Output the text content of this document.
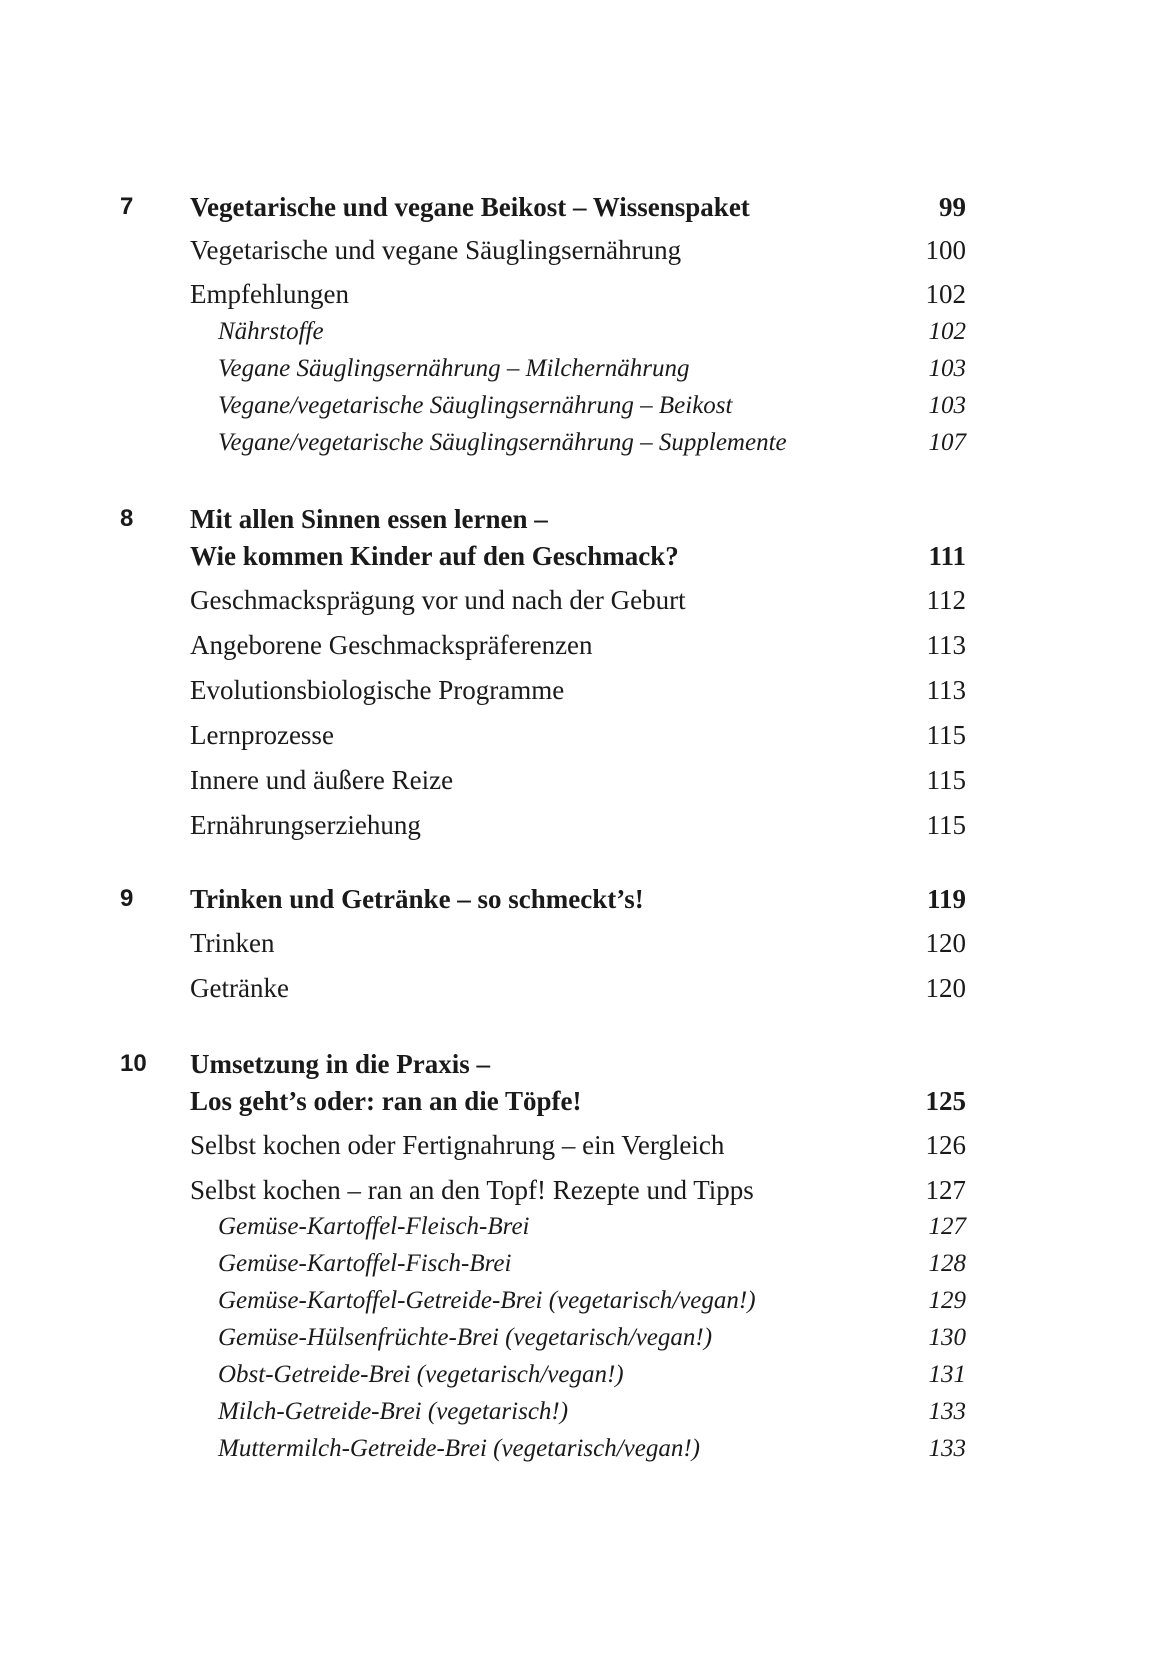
7	Vegetarische und vegane Beikost – Wissenspaket	99
Vegetarische und vegane Säuglingsernährung	100
Empfehlungen	102
Nährstoffe	102
Vegane Säuglingsernährung – Milchernährung	103
Vegane/vegetarische Säuglingsernährung – Beikost	103
Vegane/vegetarische Säuglingsernährung – Supplemente	107
8	Mit allen Sinnen essen lernen –
Wie kommen Kinder auf den Geschmack?	111
Geschmacksprägung vor und nach der Geburt	112
Angeborene Geschmackspräferenzen	113
Evolutionsbiologische Programme	113
Lernprozesse	115
Innere und äußere Reize	115
Ernährungserziehung	115
9	Trinken und Getränke – so schmeckt’s!	119
Trinken	120
Getränke	120
10	Umsetzung in die Praxis –
Los geht’s oder: ran an die Töpfe!	125
Selbst kochen oder Fertignahrung – ein Vergleich	126
Selbst kochen – ran an den Topf! Rezepte und Tipps	127
Gemüse-Kartoffel-Fleisch-Brei	127
Gemüse-Kartoffel-Fisch-Brei	128
Gemüse-Kartoffel-Getreide-Brei (vegetarisch/vegan!)	129
Gemüse-Hülsenfrüchte-Brei (vegetarisch/vegan!)	130
Obst-Getreide-Brei (vegetarisch/vegan!)	131
Milch-Getreide-Brei (vegetarisch!)	133
Muttermilch-Getreide-Brei (vegetarisch/vegan!)	133
